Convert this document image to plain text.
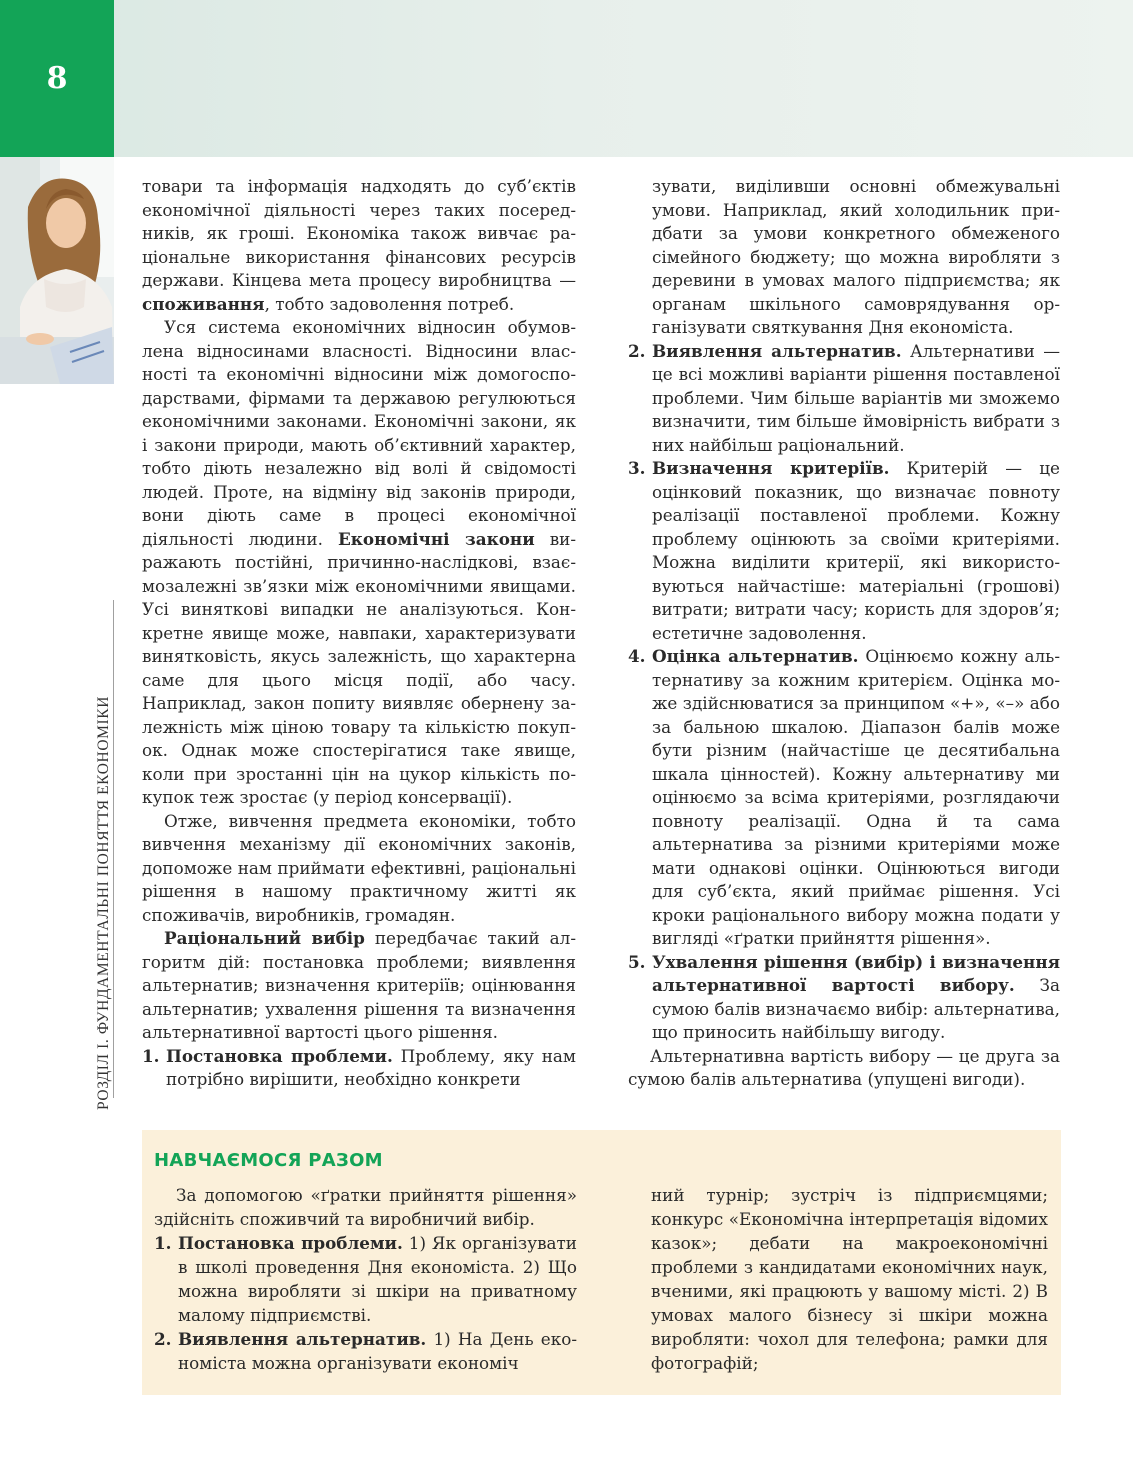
8
РОЗДІЛ І. ФУНДАМЕНТАЛЬНІ ПОНЯТТЯ ЕКОНОМІКИ

товари та інформація надходять до суб’єктів економічної діяльності через таких посередників, як гроші. Економіка також вивчає раціональне використання фінансових ресурсів держави. Кінцева мета процесу виробництва — споживання, тобто задоволення потреб.

Уся система економічних відносин обумовлена відносинами власності. Відносини власності та економічні відносини між домогосподарствами, фірмами та державою регулюються економічними законами. Економічні закони, як і закони природи, мають об’єктивний характер, тобто діють незалежно від волі й свідомості людей. Проте, на відміну від законів природи, вони діють саме в процесі економічної діяльності людини. Економічні закони виражають постійні, причинно-наслідкові, взаємозалежні зв’язки між економічними явищами. Усі виняткові випадки не аналізуються. Конкретне явище може, навпаки, характеризувати винятковість, якусь залежність, що характерна саме для цього місця події, або часу. Наприклад, закон попиту виявляє обернену залежність між ціною товару та кількістю покупок. Однак може спостерігатися таке явище, коли при зростанні цін на цукор кількість покупок теж зростає (у період консервації).

Отже, вивчення предмета економіки, тобто вивчення механізму дії економічних законів, допоможе нам приймати ефективні, раціональні рішення в нашому практичному житті як споживачів, виробників, громадян.

Раціональний вибір передбачає такий алгоритм дій: постановка проблеми; виявлення альтернатив; визначення критеріїв; оцінювання альтернатив; ухвалення рішення та визначення альтернативної вартості цього рішення.

1. Постановка проблеми. Проблему, яку нам потрібно вирішити, необхідно конкрети
зувати, виділивши основні обмежувальні умови. Наприклад, який холодильник придбати за умови конкретного обмеженого сімейного бюджету; що можна виробляти з деревини в умовах малого підприємства; як органам шкільного самоврядування організувати святкування Дня економіста.
2. Виявлення альтернатив. Альтернативи — це всі можливі варіанти рішення поставленої проблеми. Чим більше варіантів ми зможемо визначити, тим більше ймовірність вибрати з них найбільш раціональний.
3. Визначення критеріїв. Критерій — це оцінковий показник, що визначає повноту реалізації поставленої проблеми. Кожну проблему оцінюють за своїми критеріями. Можна виділити критерії, які використовуються найчастіше: матеріальні (грошові) витрати; витрати часу; користь для здоров’я; естетичне задоволення.
4. Оцінка альтернатив. Оцінюємо кожну альтернативу за кожним критерієм. Оцінка може здійснюватися за принципом «+», «–» або за бальною шкалою. Діапазон балів може бути різним (найчастіше це десятибальна шкала цінностей). Кожну альтернативу ми оцінюємо за всіма критеріями, розглядаючи повноту реалізації. Одна й та сама альтернатива за різними критеріями може мати однакові оцінки. Оцінюються вигоди для суб’єкта, який приймає рішення. Усі кроки раціонального вибору можна подати у вигляді «ґратки прийняття рішення».
5. Ухвалення рішення (вибір) і визначення альтернативної вартості вибору. За сумою балів визначаємо вибір: альтернатива, що приносить найбільшу вигоду.

Альтернативна вартість вибору — це друга за сумою балів альтернатива (упущені вигоди).

НАВЧАЄМОСЯ РАЗОМ

За допомогою «ґратки прийняття рішення» здійсніть споживчий та виробничий вибір.

1. Постановка проблеми. 1) Як організувати в школі проведення Дня економіста. 2) Що можна виробляти зі шкіри на приватному малому підприємстві.
2. Виявлення альтернатив. 1) На День економіста можна організувати економіч

ний турнір; зустріч із підприємцями; конкурс «Економічна інтерпретація відомих казок»; дебати на макроекономічні проблеми з кандидатами економічних наук, вченими, які працюють у вашому місті. 2) В умовах малого бізнесу зі шкіри можна виробляти: чохол для телефона; рамки для фотографій;
